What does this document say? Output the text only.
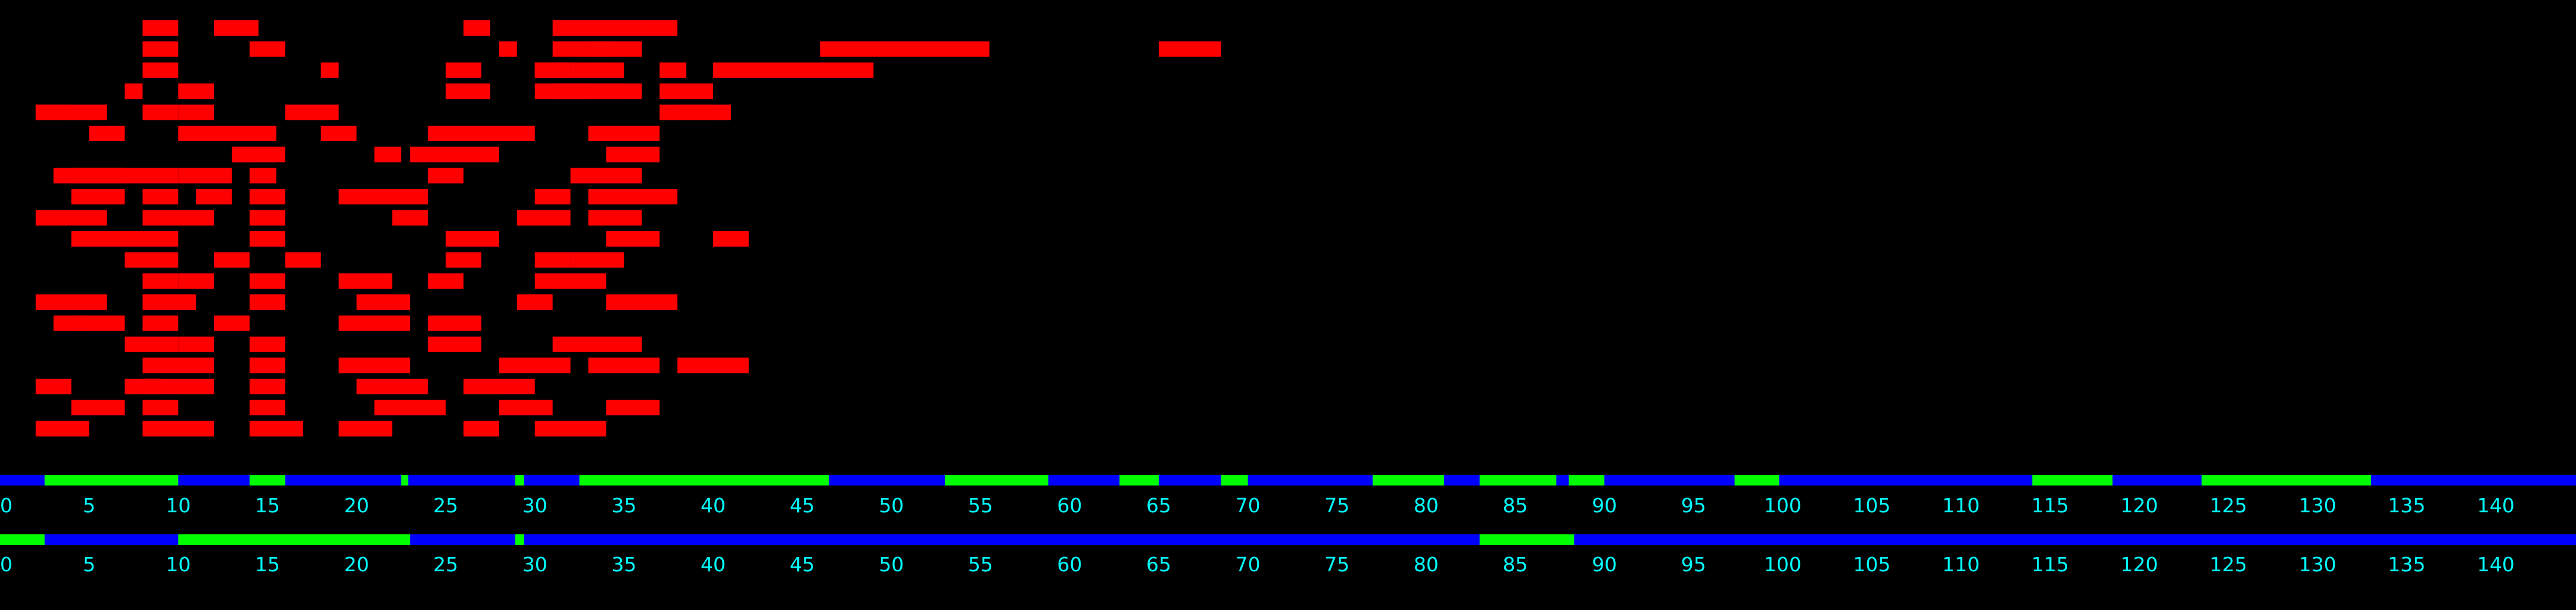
0	5	10	15	20	25	30	35	40	45	50	55	60	65	70	75	80	85	90	95	100	105	110	115	120	125	130	135	140
0	5	10	15	20	25	30	35	40	45	50	55	60	65	70	75	80	85	90	95	100	105	110	115	120	125	130	135	140
